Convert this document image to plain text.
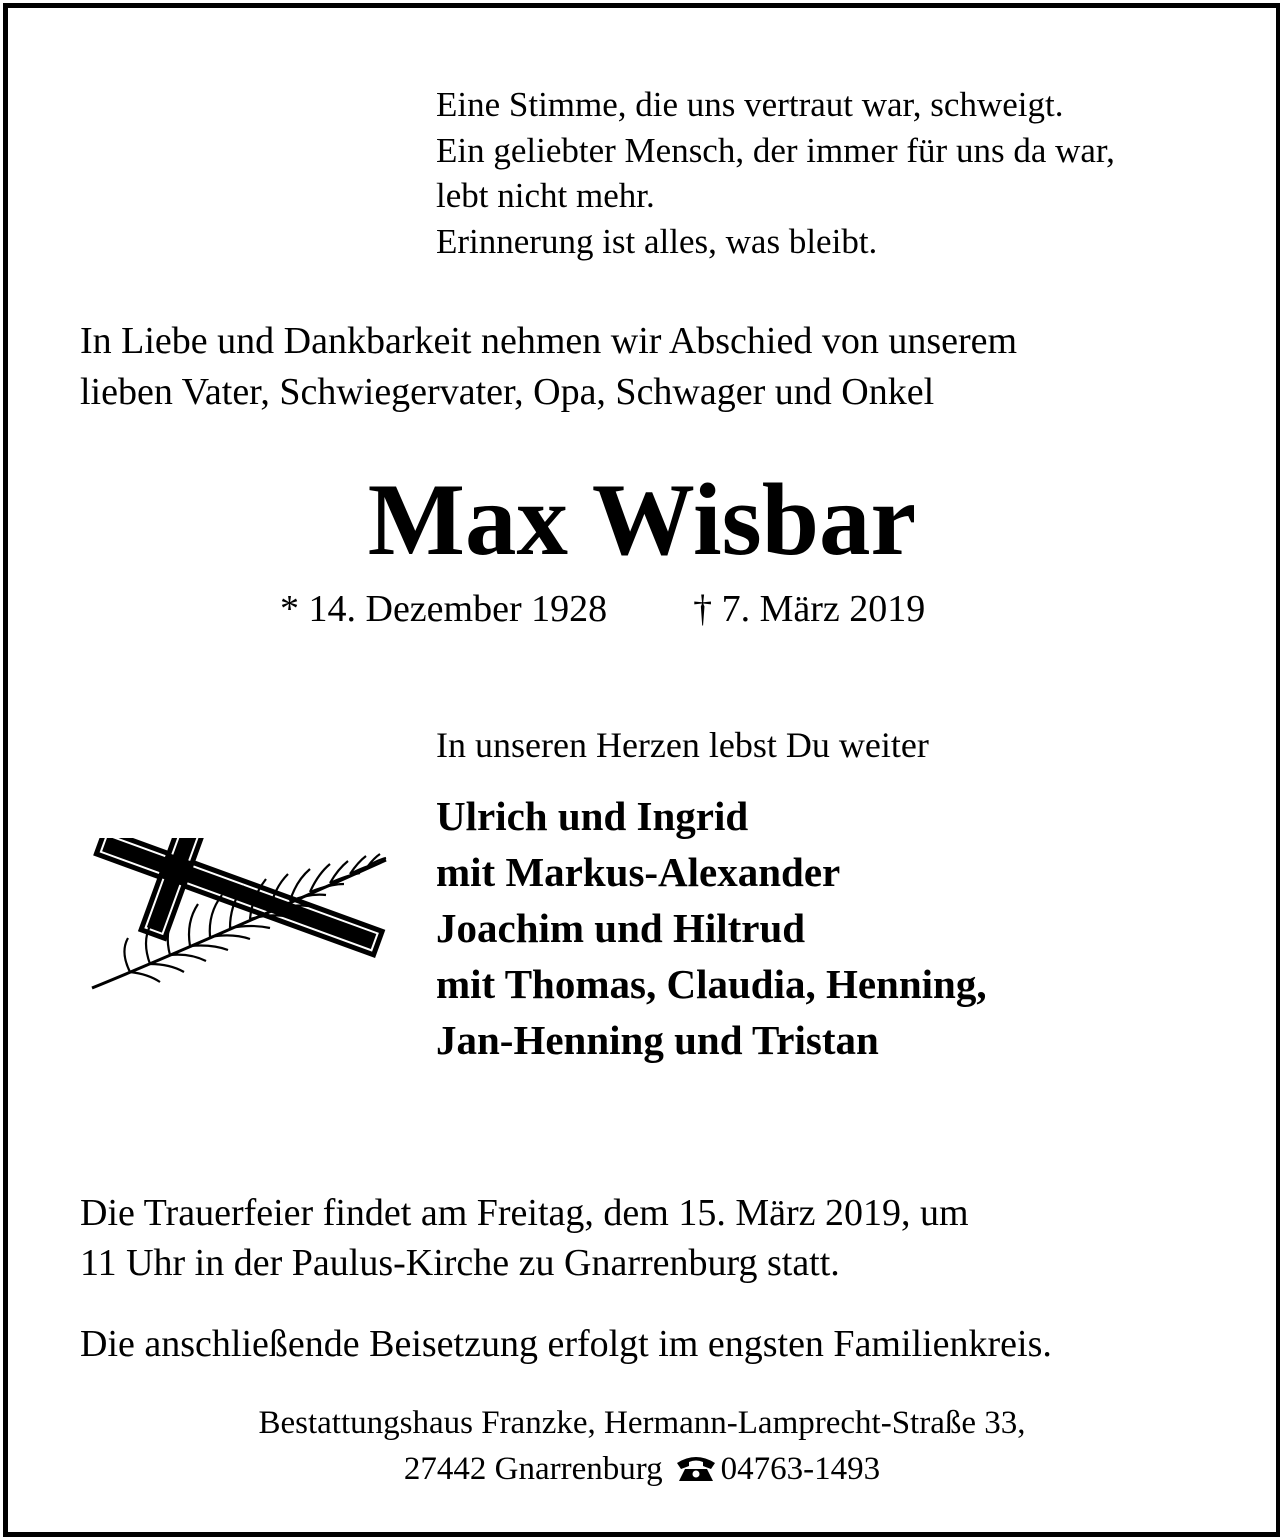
Eine Stimme, die uns vertraut war, schweigt.
Ein geliebter Mensch, der immer für uns da war,
lebt nicht mehr.
Erinnerung ist alles, was bleibt.
In Liebe und Dankbarkeit nehmen wir Abschied von unserem
lieben Vater, Schwiegervater, Opa, Schwager und Onkel
Max Wisbar
* 14. Dezember 1928 † 7. März 2019
In unseren Herzen lebst Du weiter
Ulrich und Ingrid
mit Markus-Alexander
Joachim und Hiltrud
mit Thomas, Claudia, Henning,
Jan-Henning und Tristan
Die Trauerfeier findet am Freitag, dem 15. März 2019, um
11 Uhr in der Paulus-Kirche zu Gnarrenburg statt.
Die anschließende Beisetzung erfolgt im engsten Familienkreis.
Bestattungshaus Franzke, Hermann-Lamprecht-Straße 33,
27442 Gnarrenburg 04763-1493
